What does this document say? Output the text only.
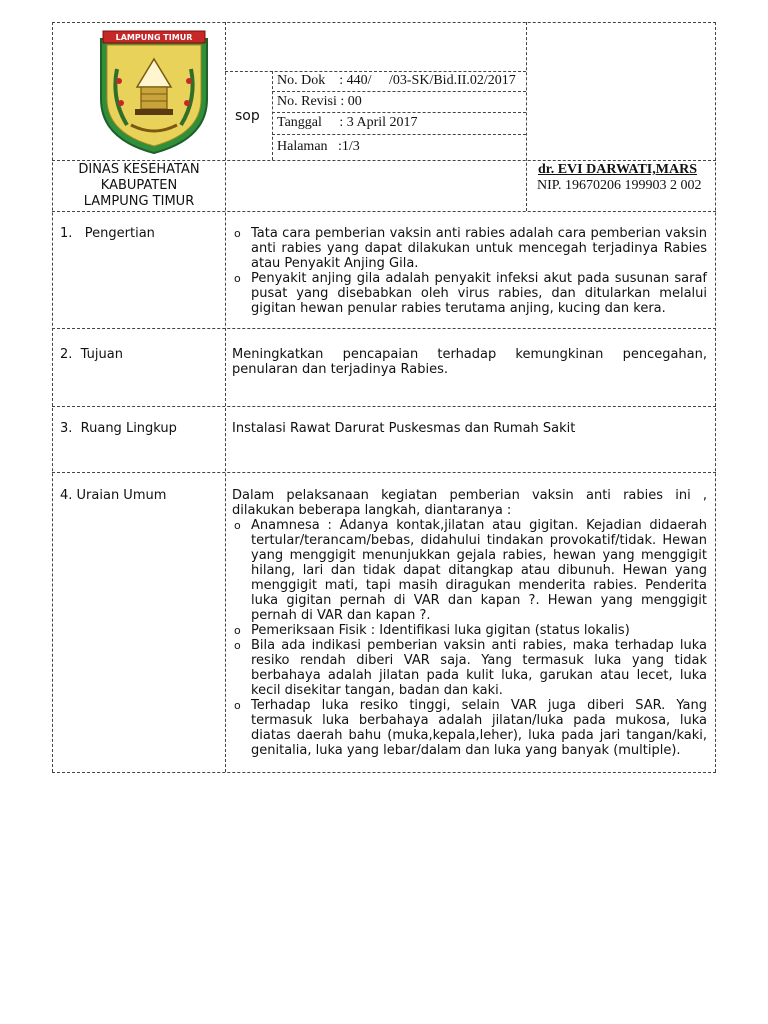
LAMPUNG TIMUR
sop
No. Dok    : 440/     /03-SK/Bid.II.02/2017
No. Revisi : 00
Tanggal     : 3 April 2017
Halaman   :1/3
DINAS KESEHATAN
KABUPATEN
LAMPUNG TIMUR
dr. EVI DARWATI,MARS
NIP. 19670206 199903 2 002
1.   Pengertian
o	Tata cara pemberian vaksin anti rabies adalah cara pemberian vaksin anti rabies yang dapat dilakukan untuk mencegah terjadinya Rabies atau Penyakit Anjing Gila.
o Penyakit anjing gila adalah penyakit infeksi akut pada susunan saraf pusat yang disebabkan oleh virus rabies, dan ditularkan melalui gigitan hewan penular rabies terutama anjing, kucing dan kera.
2.  Tujuan	Meningkatkan pencapaian terhadap kemungkinan pencegahan, penularan dan terjadinya Rabies.
3.  Ruang Lingkup	Instalasi Rawat Darurat Puskesmas dan Rumah Sakit
4. Uraian Umum	Dalam pelaksanaan kegiatan pemberian vaksin anti rabies ini , dilakukan beberapa langkah, diantaranya :
o Anamnesa : Adanya kontak,jilatan atau gigitan. Kejadian didaerah tertular/terancam/bebas, didahului tindakan provokatif/tidak. Hewan yang menggigit menunjukkan gejala rabies, hewan yang menggigit hilang, lari dan tidak dapat ditangkap atau dibunuh. Hewan yang menggigit mati, tapi masih diragukan menderita rabies. Penderita luka gigitan pernah di VAR dan kapan ?. Hewan yang menggigit pernah di VAR dan kapan ?.
o Pemeriksaan Fisik : Identifikasi luka gigitan (status lokalis)
o Bila ada indikasi pemberian vaksin anti rabies, maka terhadap luka resiko rendah diberi VAR saja. Yang termasuk luka yang tidak berbahaya adalah jilatan pada kulit luka, garukan atau lecet, luka kecil disekitar tangan, badan dan kaki.
o Terhadap luka resiko tinggi, selain VAR juga diberi SAR. Yang termasuk luka berbahaya adalah jilatan/luka pada mukosa, luka diatas daerah bahu (muka,kepala,leher), luka pada jari tangan/kaki, genitalia, luka yang lebar/dalam dan luka yang banyak (multiple).
